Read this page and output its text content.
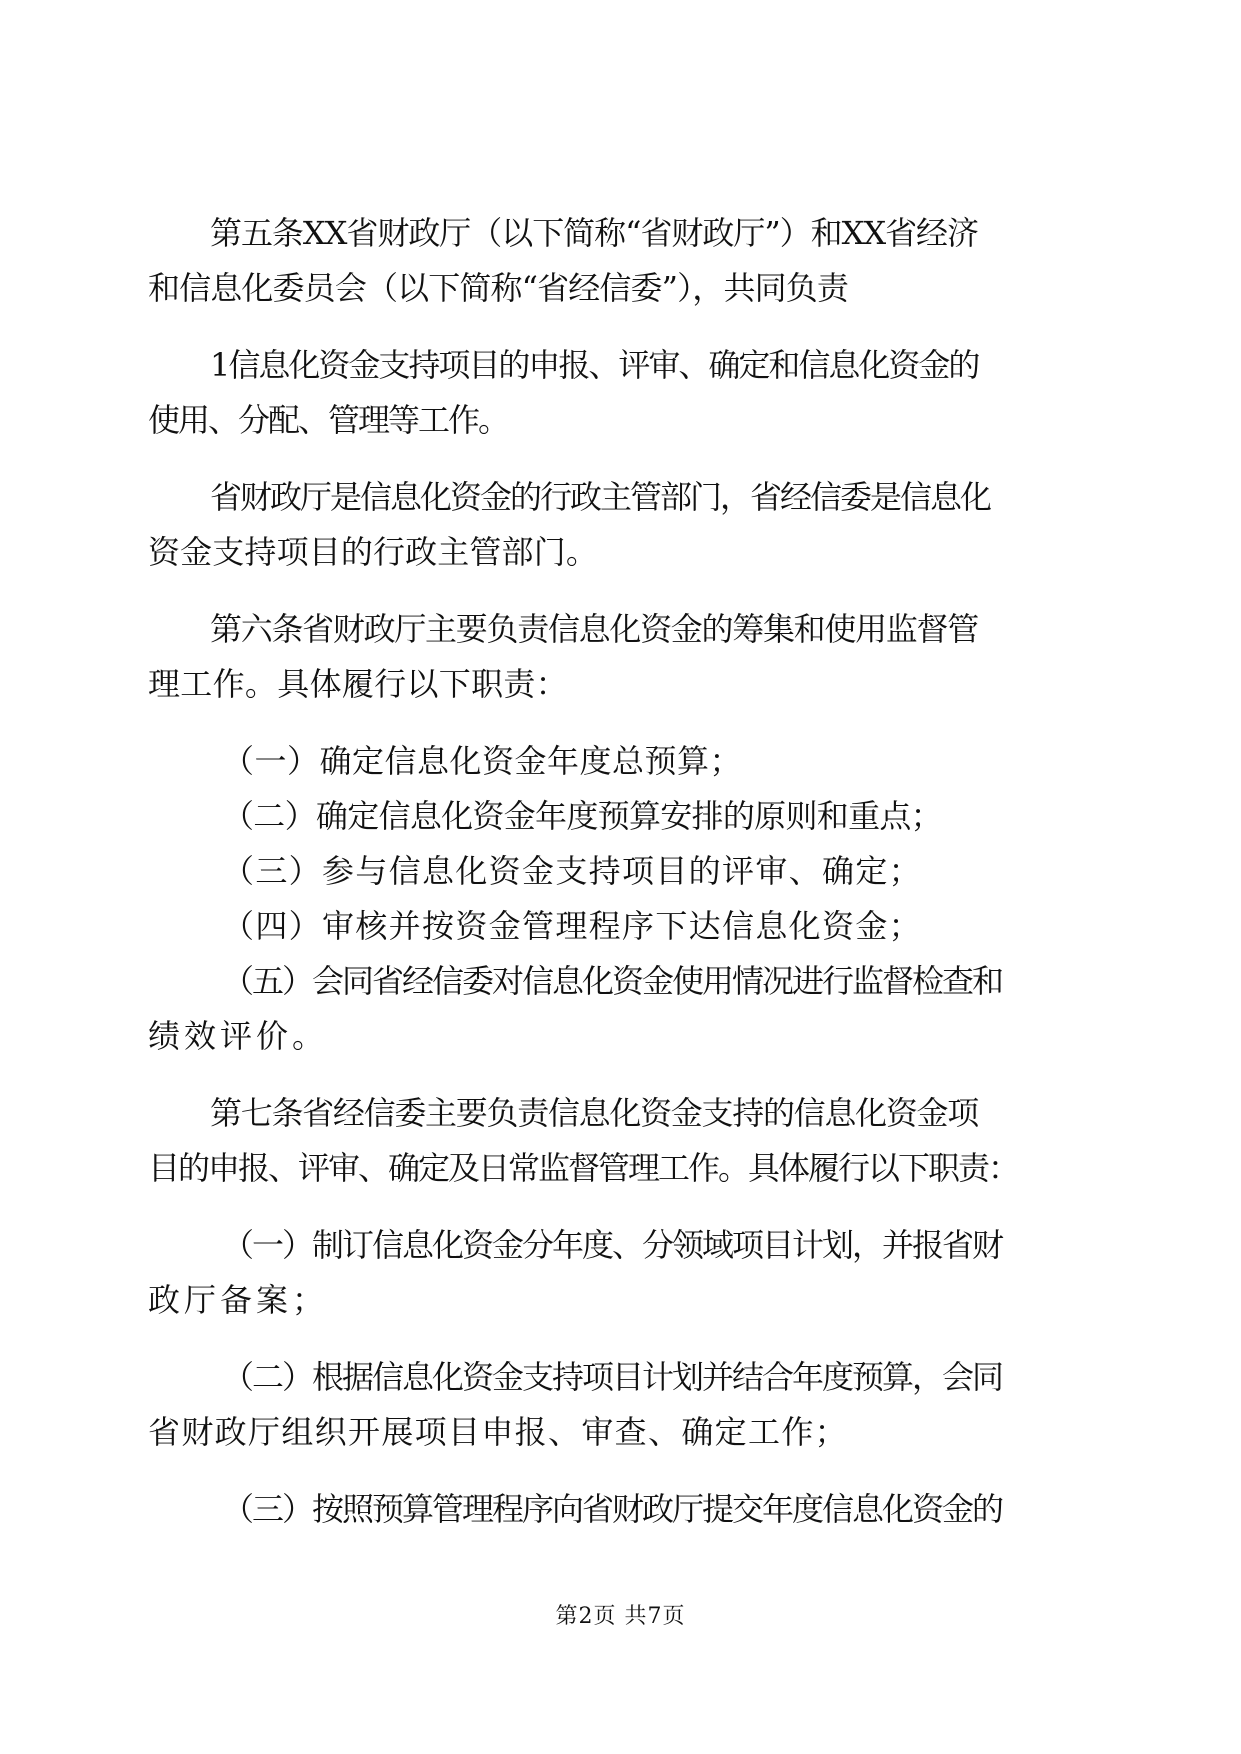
第五条XX省财政厅（以下简称“省财政厅”）和XX省经济
和信息化委员会（以下简称“省经信委”），共同负责
1信息化资金支持项目的申报、评审、确定和信息化资金的
使用、分配、管理等工作。
省财政厅是信息化资金的行政主管部门，省经信委是信息化
资金支持项目的行政主管部门。
第六条省财政厅主要负责信息化资金的筹集和使用监督管
理工作。具体履行以下职责：
（一）确定信息化资金年度总预算；
（二）确定信息化资金年度预算安排的原则和重点；
（三）参与信息化资金支持项目的评审、确定；
（四）审核并按资金管理程序下达信息化资金；
（五）会同省经信委对信息化资金使用情况进行监督检查和
绩效评价。
第七条省经信委主要负责信息化资金支持的信息化资金项
目的申报、评审、确定及日常监督管理工作。具体履行以下职责：
（一）制订信息化资金分年度、分领域项目计划，并报省财
政厅备案；
（二）根据信息化资金支持项目计划并结合年度预算，会同
省财政厅组织开展项目申报、审查、确定工作；
（三）按照预算管理程序向省财政厅提交年度信息化资金的
第2页 共7页
